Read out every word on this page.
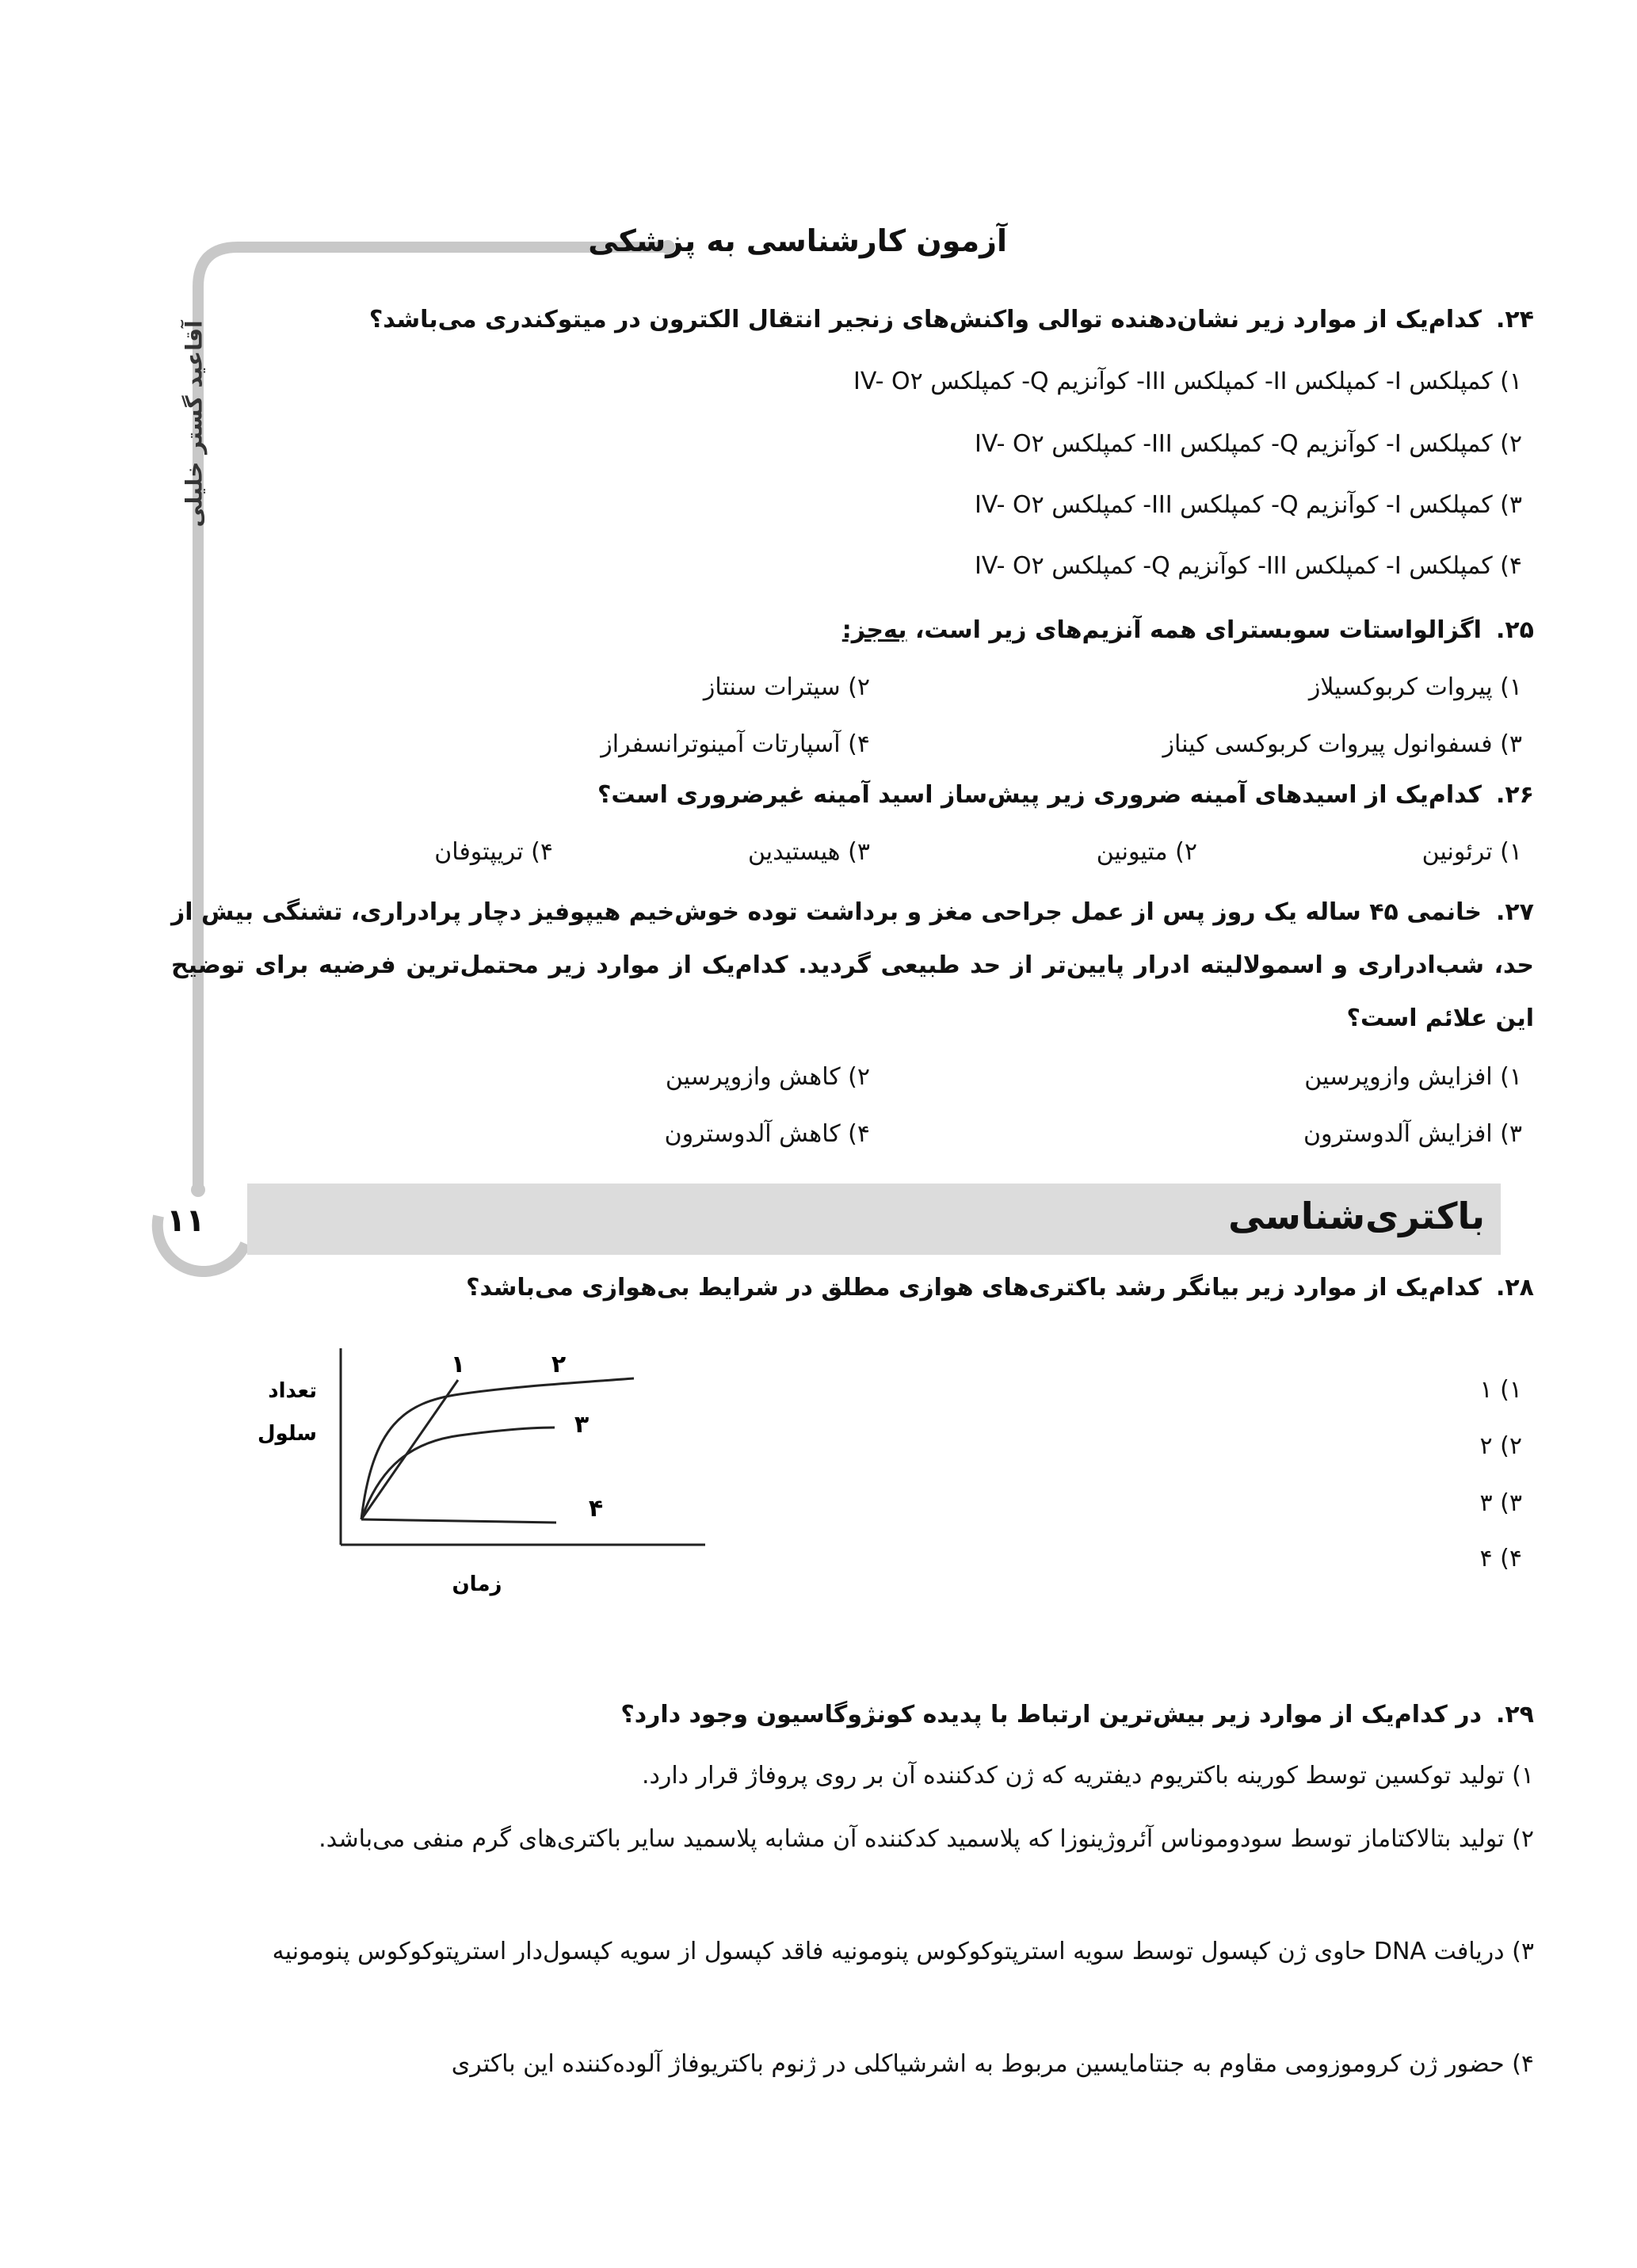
آزمون کارشناسی به پزشکی
آقاعید گستر خلیلی
۱۱
۲۴.کدام‌یک از موارد زیر نشان‌دهنده توالی واکنش‌های زنجیر انتقال الکترون در میتوکندری می‌باشد؟
۱) کمپلکس I- کمپلکس II- کمپلکس III- کوآنزیم Q- کمپلکس IV- O۲
۲) کمپلکس I- کوآنزیم Q- کمپلکس III- کمپلکس IV- O۲
۳) کمپلکس I- کوآنزیم Q- کمپلکس III- کمپلکس IV- O۲
۴) کمپلکس I- کمپلکس III- کوآنزیم Q- کمپلکس IV- O۲
۲۵.اگزالواستات سوبسترای همه آنزیم‌های زیر است، به‌جز:
۱) پیروات کربوکسیلاز
۲) سیترات سنتاز
۳) فسفوانول پیروات کربوکسی کیناز
۴) آسپارتات آمینوترانسفراز
۲۶.کدام‌یک از اسیدهای آمینه ضروری زیر پیش‌ساز اسید آمینه غیرضروری است؟
۱) ترئونین
۲) متیونین
۳) هیستیدین
۴) تریپتوفان
۲۷.خانمی ۴۵ ساله یک روز پس از عمل جراحی مغز و برداشت توده خوش‌خیم هیپوفیز دچار پرادراری، تشنگی بیش از حد، شب‌ادراری و اسمولالیته ادرار پایین‌تر از حد طبیعی گردید. کدام‌یک از موارد زیر محتمل‌ترین فرضیه برای توضیح این علائم است؟
۱) افزایش وازوپرسین
۲) کاهش وازوپرسین
۳) افزایش آلدوسترون
۴) کاهش آلدوسترون
باکتری‌شناسی
۲۸.کدام‌یک از موارد زیر بیانگر رشد باکتری‌های هوازی مطلق در شرایط بی‌هوازی می‌باشد؟
۱) ۱
۲) ۲
۳) ۳
۴) ۴
۱	۲
۳
۴
تعداد
سلول
زمان
۲۹.در کدام‌یک از موارد زیر بیش‌ترین ارتباط با پدیده کونژوگاسیون وجود دارد؟
۱) تولید توکسین توسط کورینه باکتریوم دیفتریه که ژن کدکننده آن بر روی پروفاژ قرار دارد.
۲) تولید بتالاکتاماز توسط سودوموناس آئروژینوزا که پلاسمید کدکننده آن مشابه پلاسمید سایر باکتری‌های گرم منفی می‌باشد.
۳) دریافت DNA حاوی ژن کپسول توسط سویه استرپتوکوکوس پنومونیه فاقد کپسول از سویه کپسول‌دار استرپتوکوکوس پنومونیه
۴) حضور ژن کروموزومی مقاوم به جنتامایسین مربوط به اشرشیاکلی در ژنوم باکتریوفاژ آلوده‌کننده این باکتری
